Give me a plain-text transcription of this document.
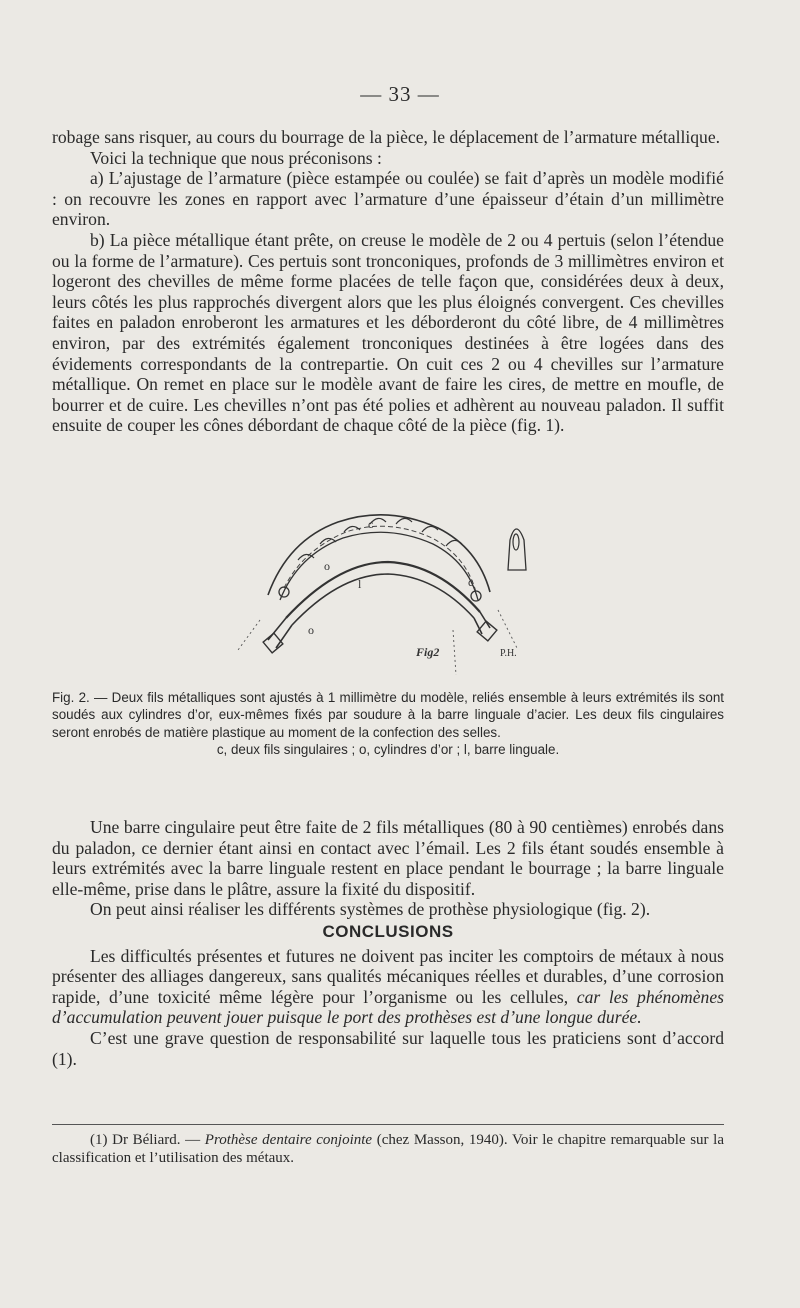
— 33 —

robage sans risquer, au cours du bourrage de la pièce, le déplacement de l’armature métallique.

Voici la technique que nous préconisons :

a) L’ajustage de l’armature (pièce estampée ou coulée) se fait d’après un modèle modifié : on recouvre les zones en rapport avec l’armature d’une épaisseur d’étain d’un millimètre environ.

b) La pièce métallique étant prête, on creuse le modèle de 2 ou 4 pertuis (selon l’étendue ou la forme de l’armature). Ces pertuis sont tronconiques, profonds de 3 millimètres environ et logeront des chevilles de même forme placées de telle façon que, considérées deux à deux, leurs côtés les plus rapprochés divergent alors que les plus éloignés convergent. Ces chevilles faites en paladon enroberont les armatures et les déborderont du côté libre, de 4 millimètres environ, par des extrémités également tronconiques destinées à être logées dans des évidements correspondants de la contrepartie. On cuit ces 2 ou 4 chevilles sur l’armature métallique. On remet en place sur le modèle avant de faire les cires, de mettre en moufle, de bourrer et de cuire. Les chevilles n’ont pas été polies et adhèrent au nouveau paladon. Il suffit ensuite de couper les cônes débordant de chaque côté de la pièce (fig. 1).

c
o
l	c
o
Fig2	P.H.

Fig. 2. — Deux fils métalliques sont ajustés à 1 millimètre du modèle, reliés ensemble à leurs extrémités ils sont soudés aux cylindres d’or, eux-mêmes fixés par soudure à la barre linguale d’acier. Les deux fils cingulaires seront enrobés de matière plastique au moment de la confection des selles.

c, deux fils singulaires ; o, cylindres d’or ; l, barre linguale.

Une barre cingulaire peut être faite de 2 fils métalliques (80 à 90 centièmes) enrobés dans du paladon, ce dernier étant ainsi en contact avec l’émail. Les 2 fils étant soudés ensemble à leurs extrémités avec la barre linguale restent en place pendant le bourrage ; la barre linguale elle-même, prise dans le plâtre, assure la fixité du dispositif.

On peut ainsi réaliser les différents systèmes de prothèse physiologique (fig. 2).

CONCLUSIONS

Les difficultés présentes et futures ne doivent pas inciter les comptoirs de métaux à nous présenter des alliages dangereux, sans qualités mécaniques réelles et durables, d’une corrosion rapide, d’une toxicité même légère pour l’organisme ou les cellules, car les phénomènes d’accumulation peuvent jouer puisque le port des prothèses est d’une longue durée.

C’est une grave question de responsabilité sur laquelle tous les praticiens sont d’accord (1).

(1) Dr Béliard. — Prothèse dentaire conjointe (chez Masson, 1940). Voir le chapitre remarquable sur la classification et l’utilisation des métaux.
